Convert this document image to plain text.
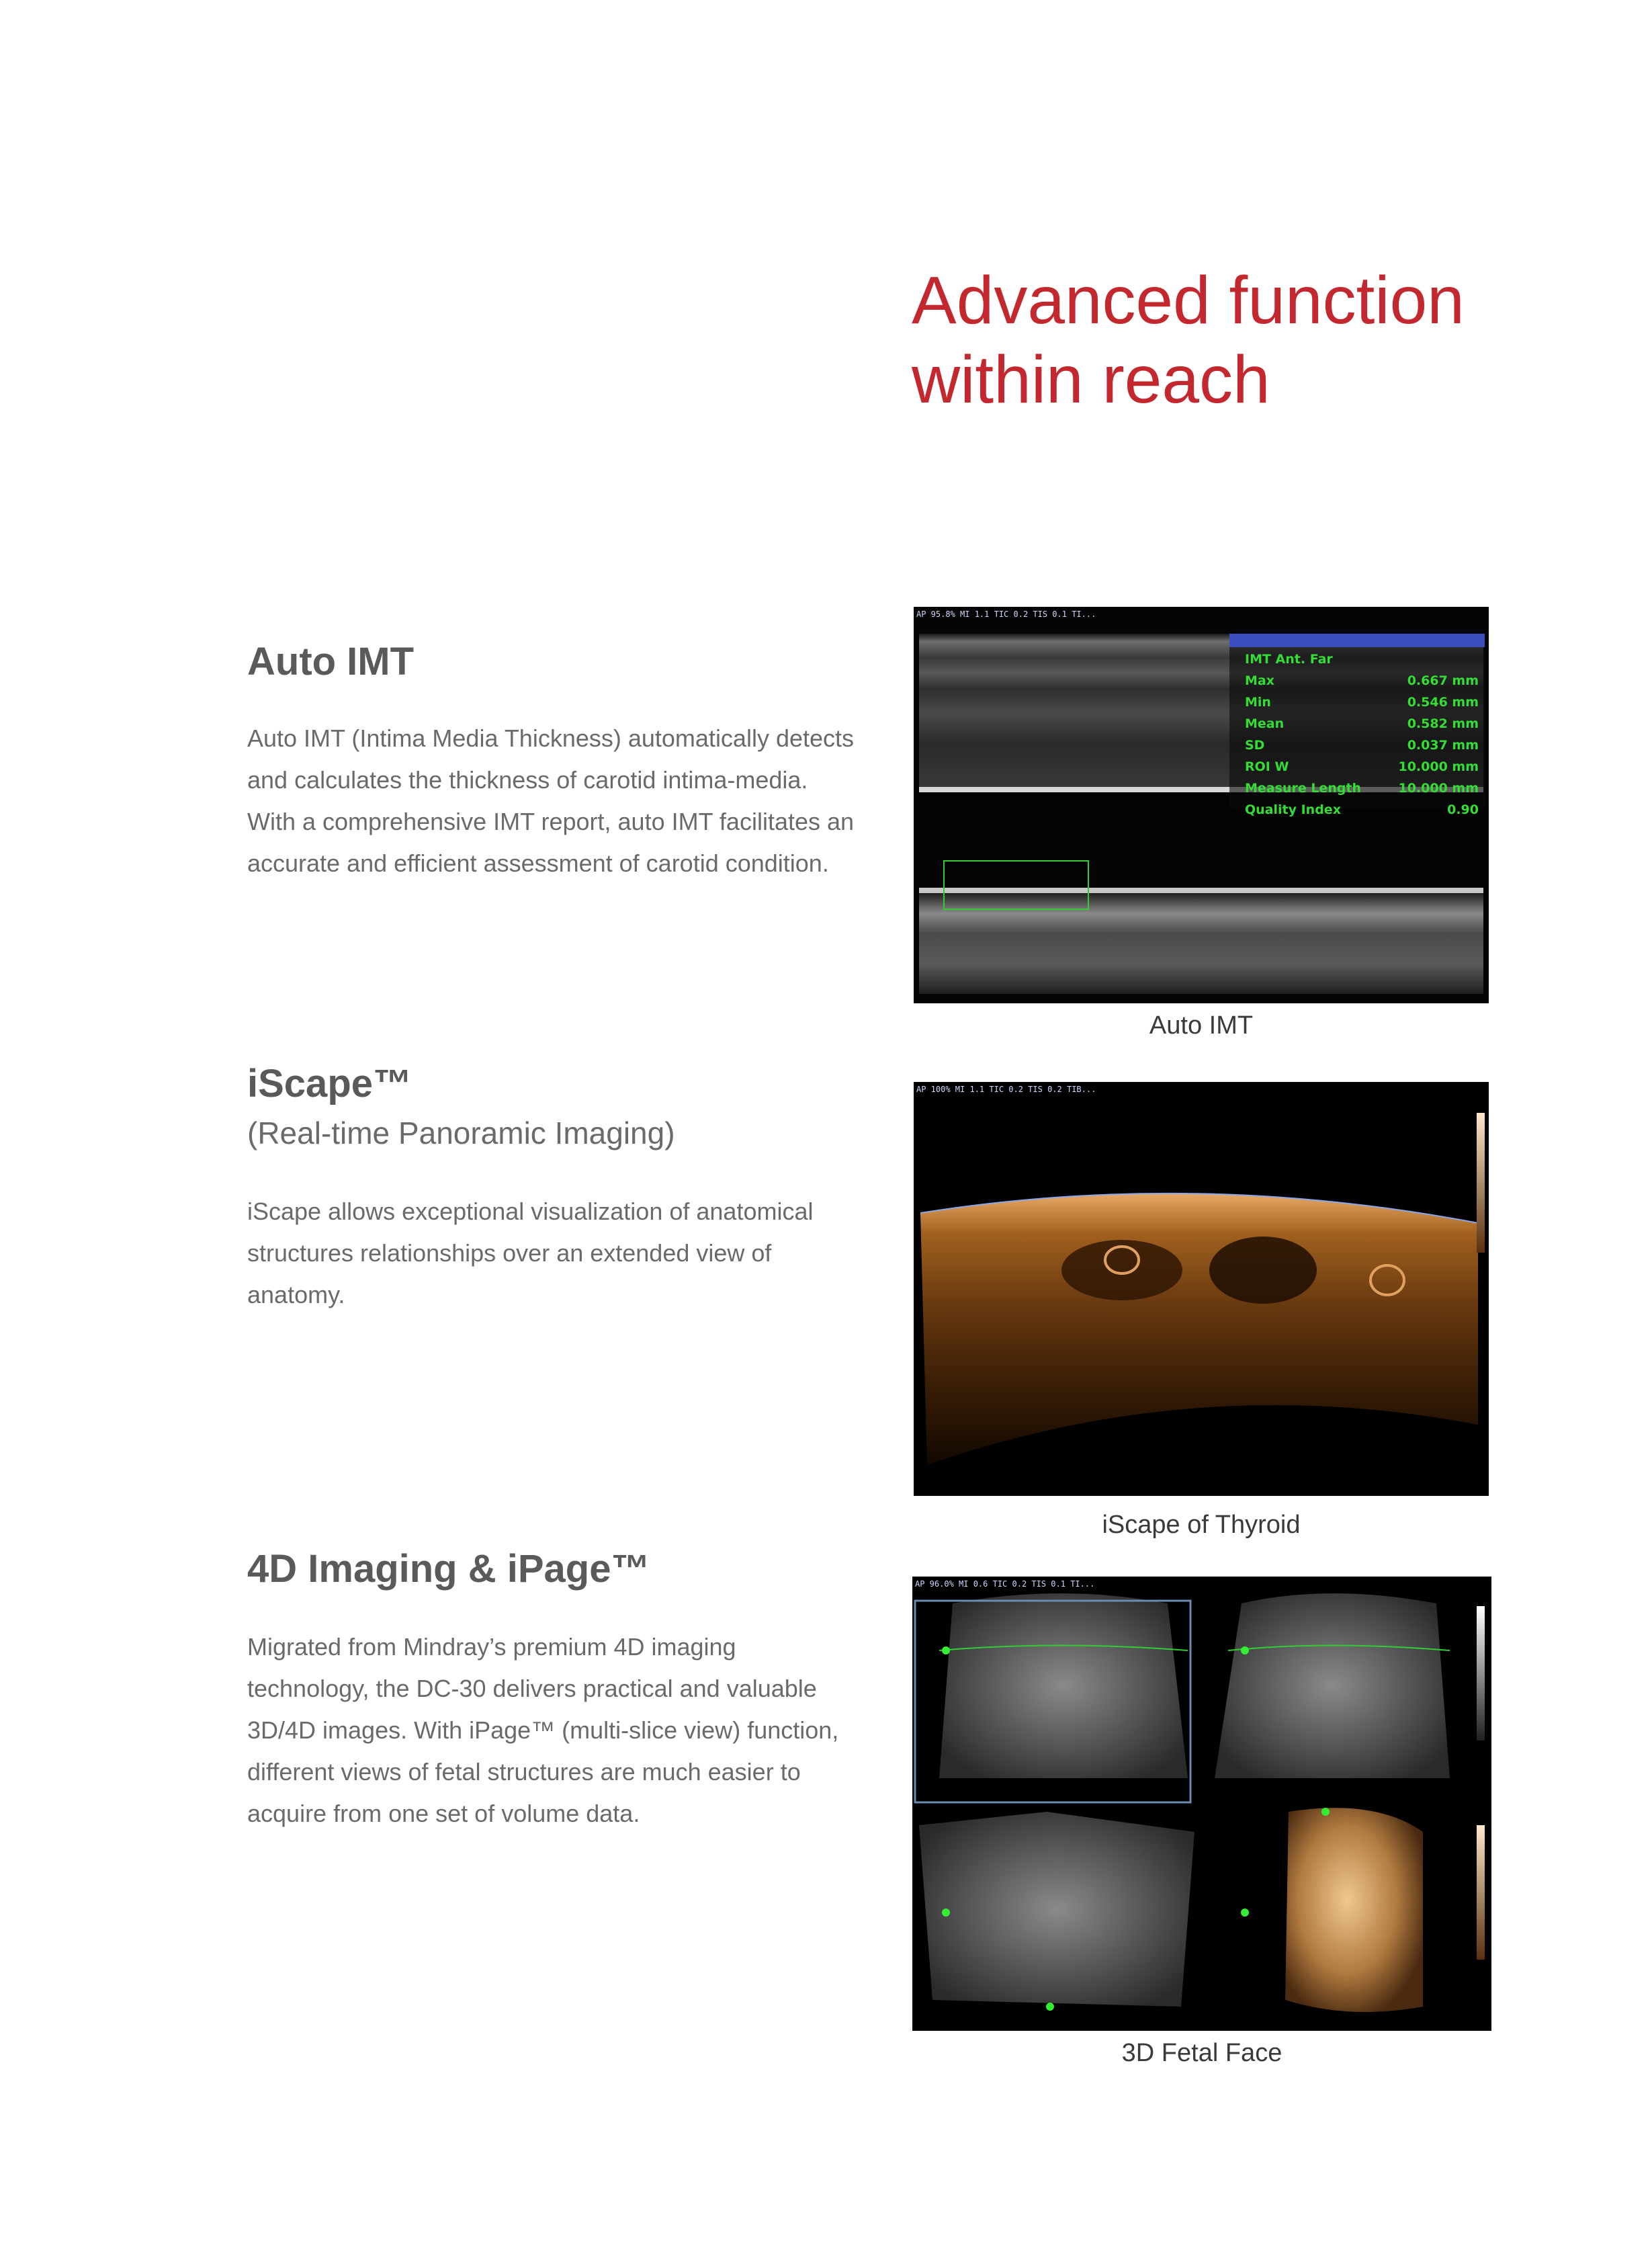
Advanced function
within reach
Auto IMT
Auto IMT (Intima Media Thickness) automatically detects
and calculates the thickness of carotid intima-media.
With a comprehensive IMT report, auto IMT facilitates an
accurate and efficient assessment of carotid condition.
AP 95.8% MI 1.1 TIC 0.2 TIS 0.1 TI...
IMT Ant. Far
Max	0.667 mm
Min	0.546 mm
Mean	0.582 mm
SD	0.037 mm
ROI W	10.000 mm
Measure Length	10.000 mm
Quality Index	0.90
Auto IMT
iScape™
(Real-time Panoramic Imaging)
iScape allows exceptional visualization of anatomical
structures relationships over an extended view of
anatomy.
AP 100% MI 1.1 TIC 0.2 TIS 0.2 TIB...
iScape of Thyroid
4D Imaging & iPage™
Migrated from Mindray’s premium 4D imaging
technology, the DC-30 delivers practical and valuable
3D/4D images. With iPage™ (multi-slice view) function,
different views of fetal structures are much easier to
acquire from one set of volume data.
AP 96.0% MI 0.6 TIC 0.2 TIS 0.1 TI...
3D Fetal Face
